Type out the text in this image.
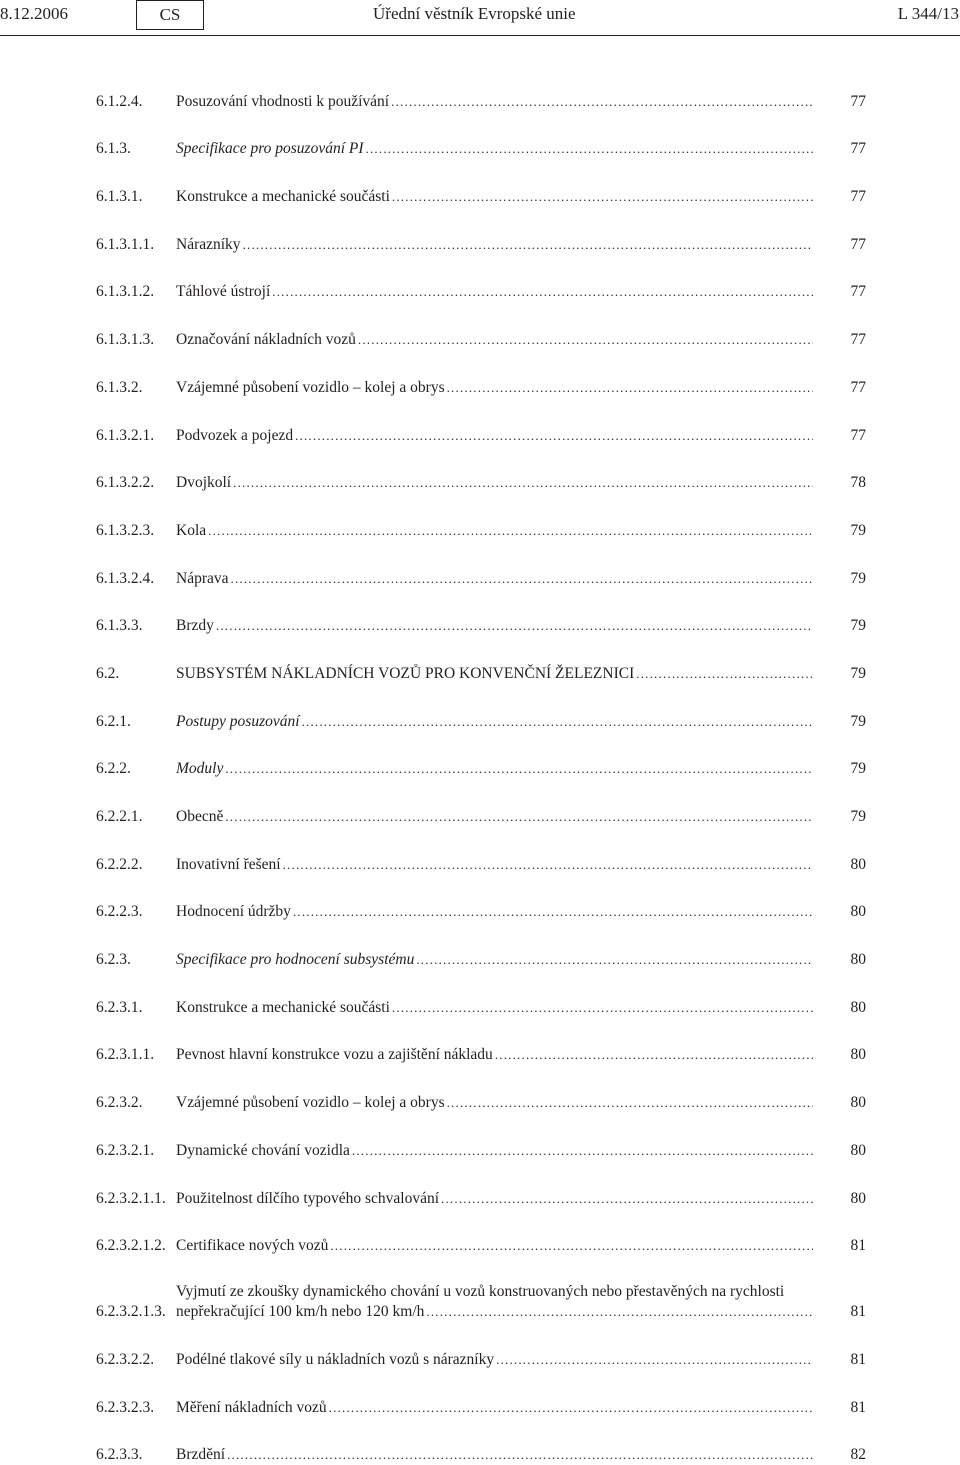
8.12.2006	CS	Úřední věstník Evropské unie	L 344/13
6.1.2.4.	Posuzování vhodnosti k používání .....	77
6.1.3.	Specifikace pro posuzování PI .....	77
6.1.3.1.	Konstrukce a mechanické součásti .....	77
6.1.3.1.1.	Nárazníky .....	77
6.1.3.1.2.	Táhlové ústrojí .....	77
6.1.3.1.3.	Označování nákladních vozů .....	77
6.1.3.2.	Vzájemné působení vozidlo – kolej a obrys .....	77
6.1.3.2.1.	Podvozek a pojezd .....	77
6.1.3.2.2.	Dvojkolí .....	78
6.1.3.2.3.	Kola .....	79
6.1.3.2.4.	Náprava .....	79
6.1.3.3.	Brzdy .....	79
6.2.	SUBSYSTÉM NÁKLADNÍCH VOZŮ PRO KONVENČNÍ ŽELEZNICI .....	79
6.2.1.	Postupy posuzování .....	79
6.2.2.	Moduly .....	79
6.2.2.1.	Obecně .....	79
6.2.2.2.	Inovativní řešení .....	80
6.2.2.3.	Hodnocení údržby .....	80
6.2.3.	Specifikace pro hodnocení subsystému .....	80
6.2.3.1.	Konstrukce a mechanické součásti .....	80
6.2.3.1.1.	Pevnost hlavní konstrukce vozu a zajištění nákladu .....	80
6.2.3.2.	Vzájemné působení vozidlo – kolej a obrys .....	80
6.2.3.2.1.	Dynamické chování vozidla .....	80
6.2.3.2.1.1. Použitelnost dílčího typového schvalování .....	80
6.2.3.2.1.2. Certifikace nových vozů .....	81
6.2.3.2.1.3.
Vyjmutí ze zkoušky dynamického chování u vozů konstruovaných nebo přestavěných na rychlosti
nepřekračující 100 km/h nebo 120 km/h .....	81
6.2.3.2.2.	Podélné tlakové síly u nákladních vozů s nárazníky .....	81
6.2.3.2.3.	Měření nákladních vozů .....	81
6.2.3.3.	Brzdění .....	82
